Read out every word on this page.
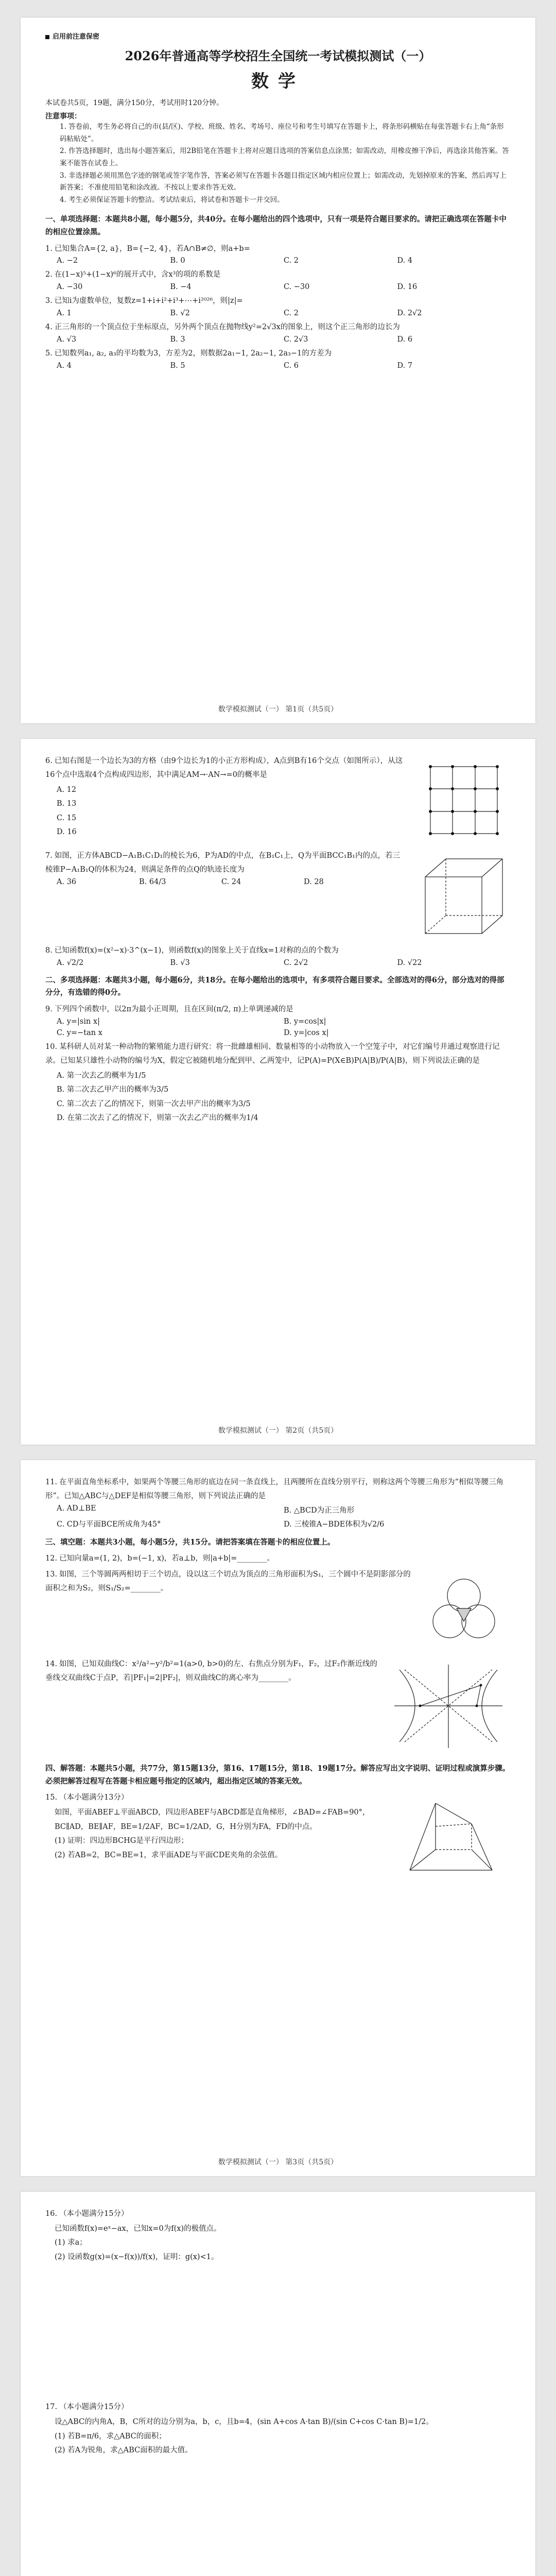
启用前注意保密
2026年普通高等学校招生全国统一考试模拟测试（一）
数学
本试卷共5页，19题，满分150分，考试用时120分钟。
注意事项：
1. 答卷前，考生务必将自己的市(县/区)、学校、班级、姓名、考场号、座位号和考生号填写在答题卡上，将条形码横贴在每张答题卡右上角“条形码粘贴处”。
2. 作答选择题时，选出每小题答案后，用2B铅笔在答题卡上将对应题目选项的答案信息点涂黑；如需改动，用橡皮擦干净后，再选涂其他答案。答案不能答在试卷上。
3. 非选择题必须用黑色字迹的钢笔或签字笔作答，答案必须写在答题卡各题目指定区域内相应位置上；如需改动，先划掉原来的答案，然后再写上新答案；不准使用铅笔和涂改液。不按以上要求作答无效。
4. 考生必须保证答题卡的整洁。考试结束后，将试卷和答题卡一并交回。
一、单项选择题：本题共8小题，每小题5分，共40分。在每小题给出的四个选项中，只有一项是符合题目要求的。请把正确选项在答题卡中的相应位置涂黑。
1. 已知集合A={2, a}，B={−2, 4}，若A∩B≠∅，则a+b=
A. −2	B. 0	C. 2	D. 4
2. 在(1−x)⁵+(1−x)⁶的展开式中，含x³的项的系数是
A. −30	B. −4	C. −30	D. 16
3. 已知i为虚数单位，复数z=1+i+i²+i³+⋯+i²⁰²⁶，则|z|=
A. 1	B. √2	C. 2	D. 2√2
4. 正三角形的一个顶点位于坐标原点，另外两个顶点在抛物线y²=2√3x的图象上，则这个正三角形的边长为
A. √3	B. 3	C. 2√3	D. 6
5. 已知数列a₁, a₂, a₃的平均数为3，方差为2，则数据2a₁−1, 2a₂−1, 2a₃−1的方差为
A. 4	B. 5	C. 6	D. 7
数学模拟测试（一） 第1页（共5页）
6. 已知右图是一个边长为3的方格（由9个边长为1的小正方形构成），A点到B有16个交点（如图所示），从这16个点中选取4个点构成四边形，其中满足AM→·AN→=0的概率是
A. 12
B. 13
C. 15
D. 16
7. 如图，正方体ABCD−A₁B₁C₁D₁的棱长为6，P为AD的中点，在B₁C₁上，Q为平面BCC₁B₁内的点，若三棱锥P−A₁B₁Q的体积为24，则满足条件的点Q的轨迹长度为
A. 36	B. 64/3	C. 24	D. 28
8. 已知函数f(x)=(x²−x)·3^(x−1)，则函数f(x)的图象上关于直线x=1对称的点的个数为
A. √2/2	B. √3	C. 2√2	D. √22
二、多项选择题：本题共3小题，每小题6分，共18分。在每小题给出的选项中，有多项符合题目要求。全部选对的得6分，部分选对的得部分分，有选错的得0分。
9. 下列四个函数中，以2π为最小正周期，且在区间(π/2, π)上单调递减的是
A. y=|sin x|	B. y=cos|x|
C. y=−tan x	D. y=|cos x|
10. 某科研人员对某一种动物的繁殖能力进行研究：将一批雌雄相同、数量相等的小动物放入一个空笼子中，对它们编号并通过观察进行记录。已知某只雄性小动物的编号为X，假定它被随机地分配到甲、乙两笼中，记P(A)=P(X∈B)P(A|B)/P(A|B)，则下列说法正确的是
A. 第一次去乙的概率为1/5
B. 第二次去乙甲产出的概率为3/5
C. 第二次去了乙的情况下，则第一次去甲产出的概率为3/5
D. 在第二次去了乙的情况下，则第一次去乙产出的概率为1/4
数学模拟测试（一） 第2页（共5页）
11. 在平面直角坐标系中，如果两个等腰三角形的底边在同一条直线上，且两腰所在直线分别平行，则称这两个等腰三角形为“相似等腰三角形”。已知△ABC与△DEF是相似等腰三角形，则下列说法正确的是
A. AD⊥BE	B. △BCD为正三角形
C. CD与平面BCE所成角为45°	D. 三棱锥A−BDE体积为√2/6
三、填空题：本题共3小题，每小题5分，共15分。请把答案填在答题卡的相应位置上。
12. 已知向量a=(1, 2)，b=(−1, x)，若a⊥b，则|a+b|=________。
13. 如图，三个等圆两两相切于三个切点，设以这三个切点为顶点的三角形面积为S₁，三个圆中不是阴影部分的面积之和为S₂，则S₁/S₂=________。
14. 如图，已知双曲线C：x²/a²−y²/b²=1(a>0, b>0)的左、右焦点分别为F₁，F₂，过F₂作渐近线的垂线交双曲线C于点P，若|PF₁|=2|PF₂|，则双曲线C的离心率为________。
四、解答题：本题共5小题，共77分，第15题13分，第16、17题15分，第18、19题17分。解答应写出文字说明、证明过程或演算步骤。必须把解答过程写在答题卡相应题号指定的区域内，超出指定区域的答案无效。
15. （本小题满分13分）
如图，平面ABEF⊥平面ABCD，四边形ABEF与ABCD都是直角梯形，∠BAD=∠FAB=90°，BC∥AD，BE∥AF，BE=1/2AF，BC=1/2AD，G，H分别为FA，FD的中点。
(1) 证明：四边形BCHG是平行四边形；
(2) 若AB=2，BC=BE=1，求平面ADE与平面CDE夹角的余弦值。
数学模拟测试（一） 第3页（共5页）
16. （本小题满分15分）
已知函数f(x)=eˣ−ax，已知x=0为f(x)的极值点。
(1) 求a；
(2) 设函数g(x)=(x−f(x))/f(x)，证明：g(x)<1。
17. （本小题满分15分）
设△ABC的内角A，B，C所对的边分别为a，b，c，且b=4，(sin A+cos A·tan B)/(sin C+cos C·tan B)=1/2。
(1) 若B=π/6，求△ABC的面积；
(2) 若A为锐角，求△ABC面积的最大值。
